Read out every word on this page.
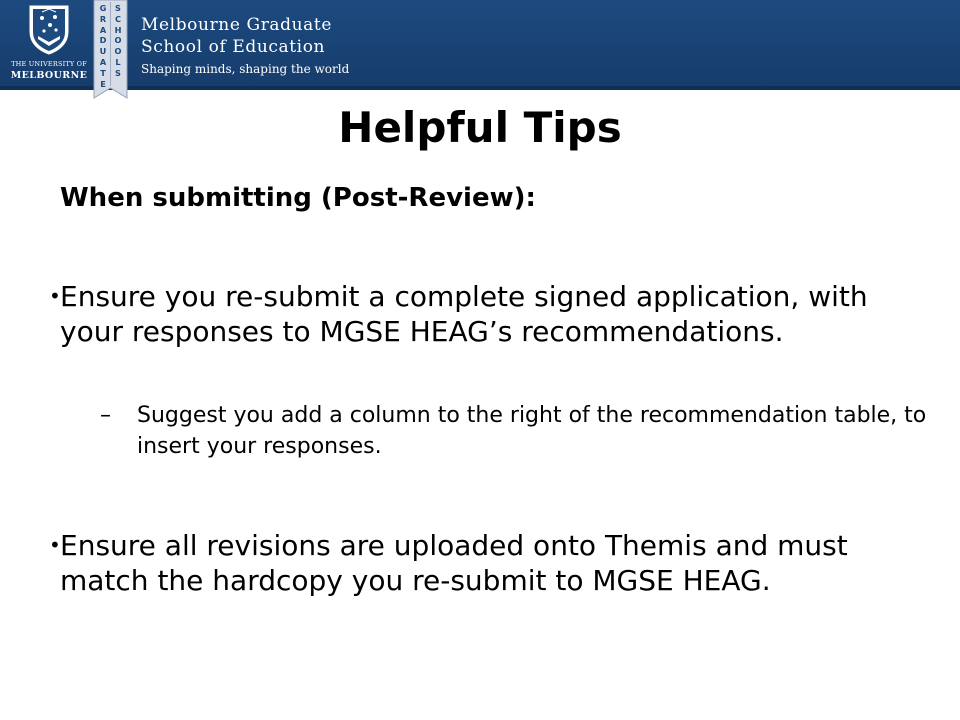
THE UNIVERSITY OF
MELBOURNE
G
R
A
D
U
A
T
E
S
C
H
O
O
L
S
Melbourne Graduate
School of Education
Shaping minds, shaping the world
Helpful Tips
When submitting (Post-Review):
• Ensure you re-submit a complete signed application, with your responses to MGSE HEAG’s recommendations.
– Suggest you add a column to the right of the recommendation table, to insert your responses.
• Ensure all revisions are uploaded onto Themis and must match the hardcopy you re-submit to MGSE HEAG.
